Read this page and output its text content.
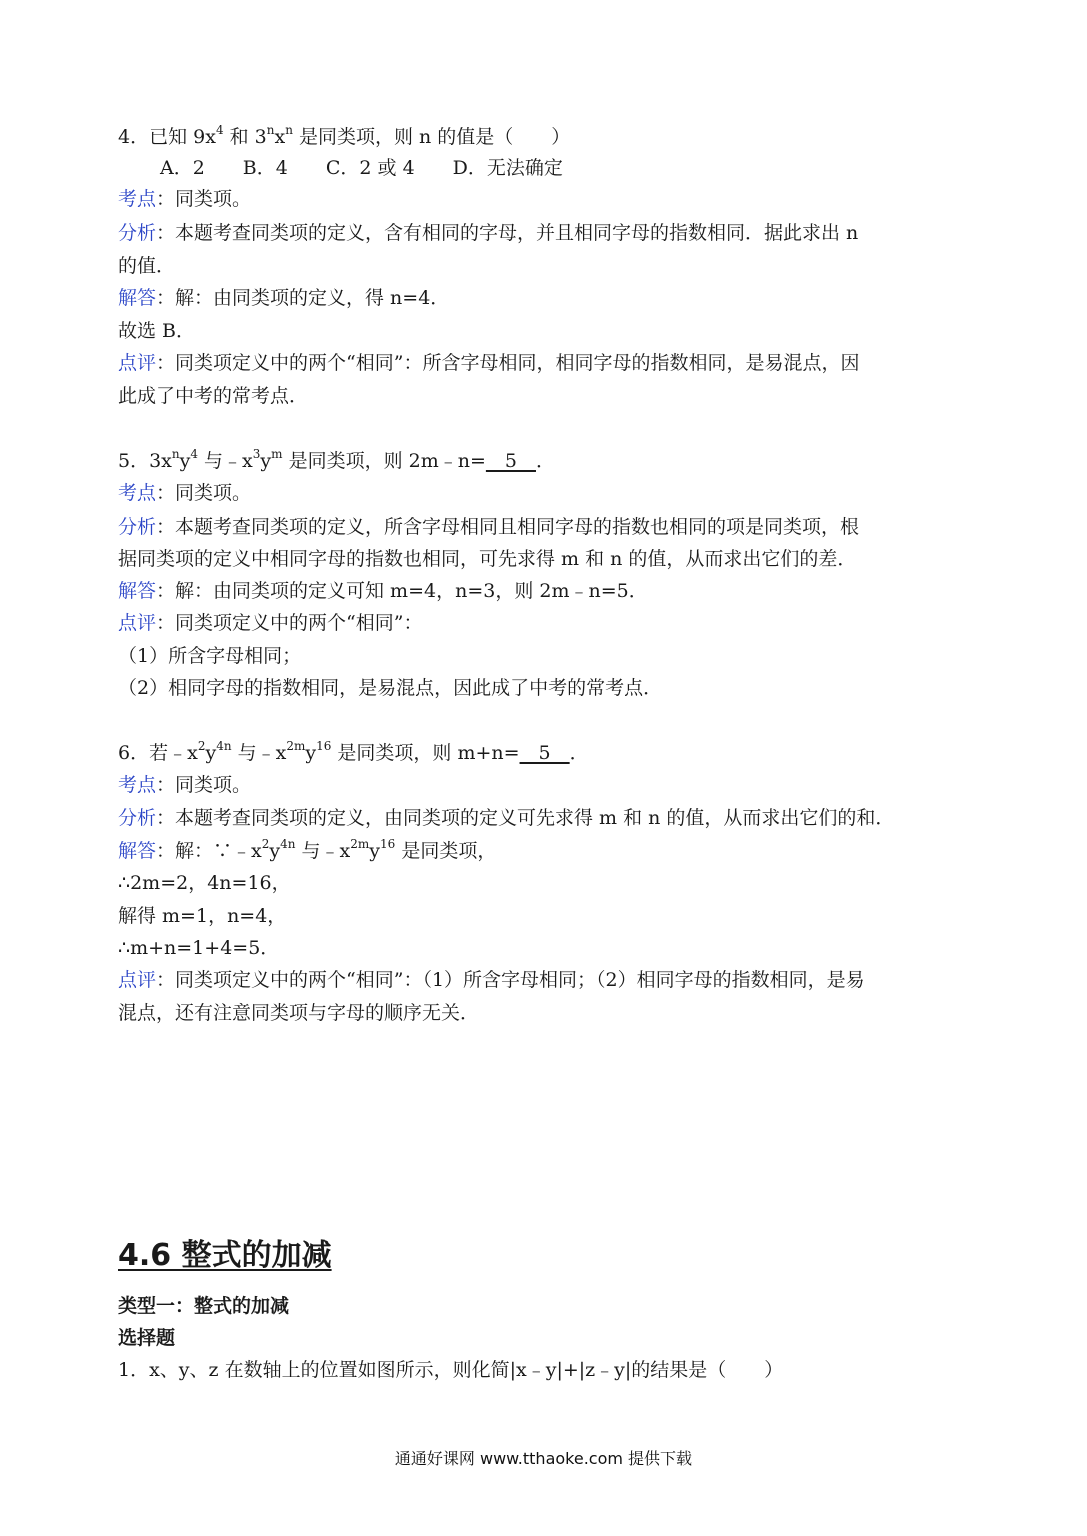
4．已知 $9x^4$ 和 $3^nx^n$ 是同类项，则 n 的值是（　　）
A．2　　B．4　　C．2 或 4　　D．无法确定
考点：同类项。
分析：本题考查同类项的定义，含有相同的字母，并且相同字母的指数相同．据此求出 n
的值．
解答：解：由同类项的定义，得 n=4．
故选 B．
点评：同类项定义中的两个“相同”：所含字母相同，相同字母的指数相同，是易混点，因
此成了中考的常考点．
5．$3x^ny^4$ 与$﹣x^3y^m$ 是同类项，则 2m﹣n=　5　．
考点：同类项。
分析：本题考查同类项的定义，所含字母相同且相同字母的指数也相同的项是同类项，根
据同类项的定义中相同字母的指数也相同，可先求得 m 和 n 的值，从而求出它们的差．
解答：解：由同类项的定义可知 m=4，n=3，则 2m﹣n=5．
点评：同类项定义中的两个“相同”：
（1）所含字母相同；
（2）相同字母的指数相同，是易混点，因此成了中考的常考点．
6．若$﹣x^2y^{4n}$ 与$﹣x^{2m}y^{16}$ 是同类项，则 m+n=　5　．
考点：同类项。
分析：本题考查同类项的定义，由同类项的定义可先求得 m 和 n 的值，从而求出它们的和．
解答：解：$\because﹣x^2y^{4n}$ 与$﹣x^{2m}y^{16}$ 是同类项，
∴2m=2，4n=16，
解得 m=1，n=4，
∴m+n=1+4=5．
点评：同类项定义中的两个“相同”：（1）所含字母相同；（2）相同字母的指数相同，是易
混点，还有注意同类项与字母的顺序无关．
4.6 整式的加减
类型一：整式的加减
选择题
1．x、y、z 在数轴上的位置如图所示，则化简|x﹣y|+|z﹣y|的结果是（　　）
通通好课网 www.tthaoke.com 提供下载
